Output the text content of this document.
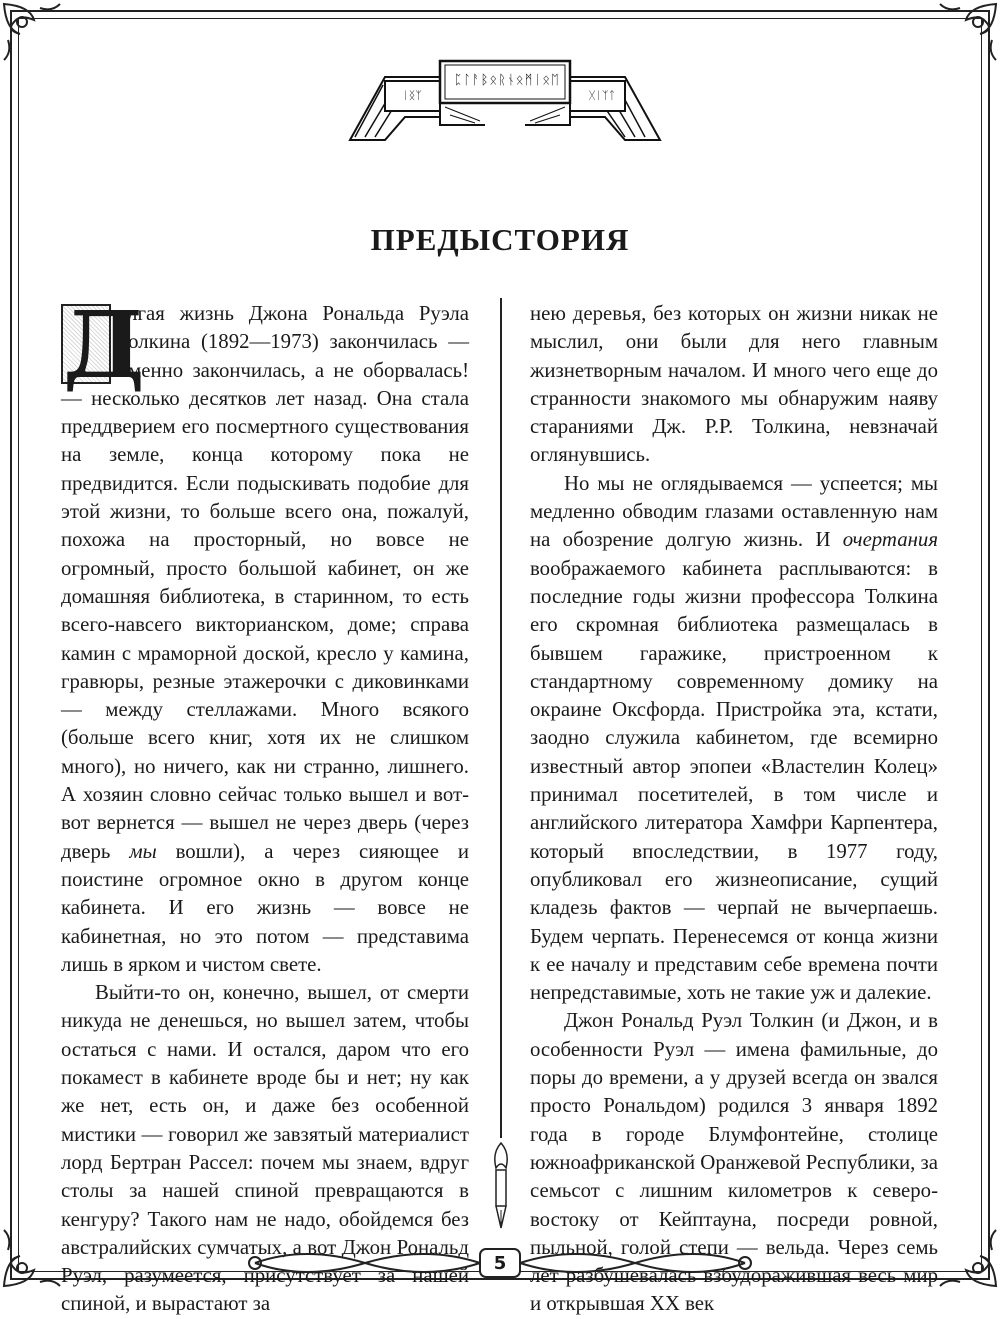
ᛈᛚᚨᛒᛟᚱᚾᛟᛗᛁᛟᛖ
ᛁᛝᛉ	ᚷᛁᛉᛏ
ПРЕДЫСТОРИЯ

Д
олгая жизнь Джона Рональда Руэла Толкина (1892—1973) закончилась — именно закончилась, а не оборвалась! — несколько десятков лет назад. Она стала преддверием его посмертного существования на земле, конца которому пока не предвидится. Если подыскивать подобие для этой жизни, то больше всего она, пожалуй, похожа на просторный, но вовсе не огромный, просто большой кабинет, он же домашняя библиотека, в старинном, то есть всего-навсего викторианском, доме; справа камин с мраморной доской, кресло у камина, гравюры, резные этажерочки с диковинками — между стеллажами. Много всякого (больше всего книг, хотя их не слишком много), но ничего, как ни странно, лишнего. А хозяин словно сейчас только вышел и вот-вот вернется — вышел не через дверь (через дверь мы вошли), а через сияющее и поистине огромное окно в другом конце кабинета. И его жизнь — вовсе не кабинетная, но это потом — представима лишь в ярком и чистом свете.

Выйти-то он, конечно, вышел, от смерти никуда не денешься, но вышел затем, чтобы остаться с нами. И остался, даром что его покамест в кабинете вроде бы и нет; ну как же нет, есть он, и даже без особенной мистики — говорил же завзятый материалист лорд Бертран Рассел: почем мы знаем, вдруг столы за нашей спиной превращаются в кенгуру? Такого нам не надо, обойдемся без австралийских сумчатых, а вот Джон Рональд Руэл, разумеется, присутствует за нашей спиной, и вырастают за

нею деревья, без которых он жизни никак не мыслил, они были для него главным жизнетворным началом. И много чего еще до странности знакомого мы обнаружим наяву стараниями Дж. Р.Р. Толкина, невзначай оглянувшись.

Но мы не оглядываемся — успеется; мы медленно обводим глазами оставленную нам на обозрение долгую жизнь. И очертания воображаемого кабинета расплываются: в последние годы жизни профессора Толкина его скромная библиотека размещалась в бывшем гаражике, пристроенном к стандартному современному домику на окраине Оксфорда. Пристройка эта, кстати, заодно служила кабинетом, где всемирно известный автор эпопеи «Властелин Колец» принимал посетителей, в том числе и английского литератора Хамфри Карпентера, который впоследствии, в 1977 году, опубликовал его жизнеописание, сущий кладезь фактов — черпай не вычерпаешь. Будем черпать. Перенесемся от конца жизни к ее началу и представим себе времена почти непредставимые, хоть не такие уж и далекие.

Джон Рональд Руэл Толкин (и Джон, и в особенности Руэл — имена фамильные, до поры до времени, а у друзей всегда он звался просто Рональдом) родился 3 января 1892 года в городе Блумфонтейне, столице южноафриканской Оранжевой Республики, за семьсот с лишним километров к северо-востоку от Кейптауна, посреди ровной, пыльной, голой степи — вельда. Через семь лет разбушевалась взбудоражившая весь мир и открывшая XX век

5
